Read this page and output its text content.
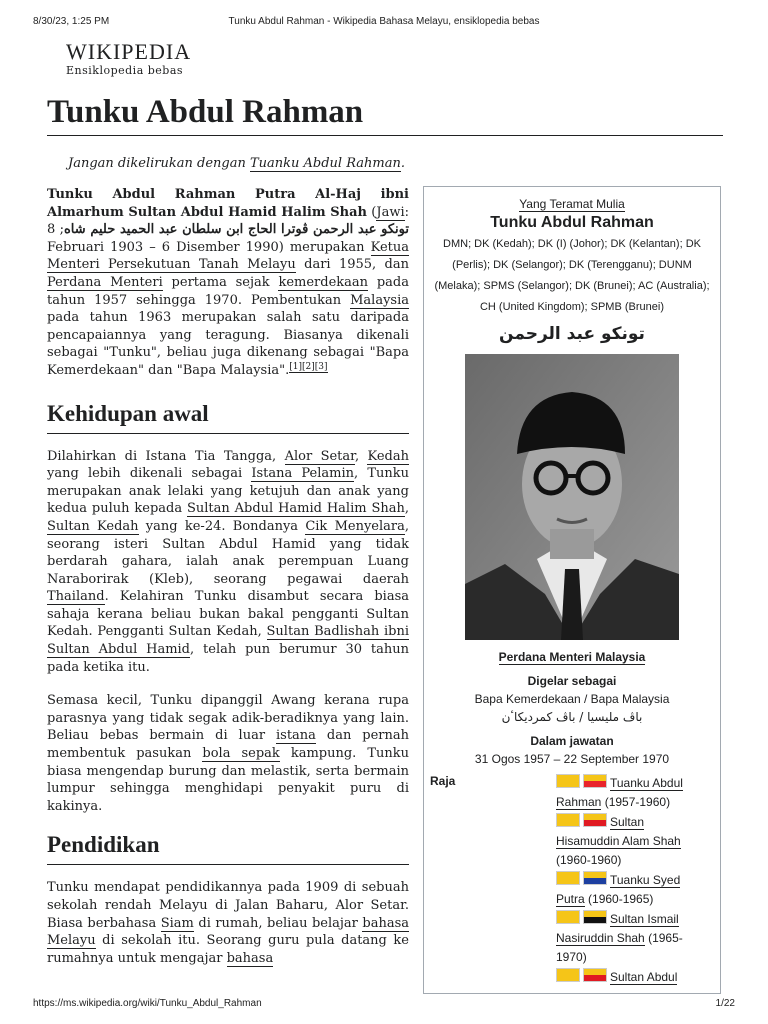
8/30/23, 1:25 PM	Tunku Abdul Rahman - Wikipedia Bahasa Melayu, ensiklopedia bebas
WIKIPEDIA
Ensiklopedia bebas
Tunku Abdul Rahman
Jangan dikelirukan dengan Tuanku Abdul Rahman.

Tunku Abdul Rahman Putra Al-Haj ibni Almarhum Sultan Abdul Hamid Halim Shah (Jawi: تونكو عبد الرحمن ڤوترا الحاج ابن سلطان عبد الحميد حليم شاه; 8 Februari 1903 – 6 Disember 1990) merupakan Ketua Menteri Persekutuan Tanah Melayu dari 1955, dan Perdana Menteri pertama sejak kemerdekaan pada tahun 1957 sehingga 1970. Pembentukan Malaysia pada tahun 1963 merupakan salah satu daripada pencapaiannya yang teragung. Biasanya dikenali sebagai "Tunku", beliau juga dikenang sebagai "Bapa Kemerdekaan" dan "Bapa Malaysia".[1][2][3]

Kehidupan awal

Dilahirkan di Istana Tia Tangga, Alor Setar, Kedah yang lebih dikenali sebagai Istana Pelamin, Tunku merupakan anak lelaki yang ketujuh dan anak yang kedua puluh kepada Sultan Abdul Hamid Halim Shah, Sultan Kedah yang ke-24. Bondanya Cik Menyelara, seorang isteri Sultan Abdul Hamid yang tidak berdarah gahara, ialah anak perempuan Luang Naraborirak (Kleb), seorang pegawai daerah Thailand. Kelahiran Tunku disambut secara biasa sahaja kerana beliau bukan bakal pengganti Sultan Kedah. Pengganti Sultan Kedah, Sultan Badlishah ibni Sultan Abdul Hamid, telah pun berumur 30 tahun pada ketika itu.

Semasa kecil, Tunku dipanggil Awang kerana rupa parasnya yang tidak segak adik-beradiknya yang lain. Beliau bebas bermain di luar istana dan pernah membentuk pasukan bola sepak kampung. Tunku biasa mengendap burung dan melastik, serta bermain lumpur sehingga menghidapi penyakit puru di kakinya.

Pendidikan

Tunku mendapat pendidikannya pada 1909 di sebuah sekolah rendah Melayu di Jalan Baharu, Alor Setar. Biasa berbahasa Siam di rumah, beliau belajar bahasa Melayu di sekolah itu. Seorang guru pula datang ke rumahnya untuk mengajar bahasa

Yang Teramat Mulia
Tunku Abdul Rahman
DMN; DK (Kedah); DK (I) (Johor); DK (Kelantan); DK (Perlis); DK (Selangor); DK (Terengganu); DUNM (Melaka); SPMS (Selangor); DK (Brunei); AC (Australia); CH (United Kingdom); SPMB (Brunei)
تونكو عبد الرحمن
Perdana Menteri Malaysia
Digelar sebagai
Bapa Kemerdekaan / Bapa Malaysia
باڤ مليسيا / باڤ كمرديكاٴن
Dalam jawatan
31 Ogos 1957 – 22 September 1970
Raja	Tuanku Abdul Rahman (1957-1960)
Sultan Hisamuddin Alam Shah (1960-1960)
Tuanku Syed Putra (1960-1965)
Sultan Ismail Nasiruddin Shah (1965-1970)
Sultan Abdul
https://ms.wikipedia.org/wiki/Tunku_Abdul_Rahman	1/22
